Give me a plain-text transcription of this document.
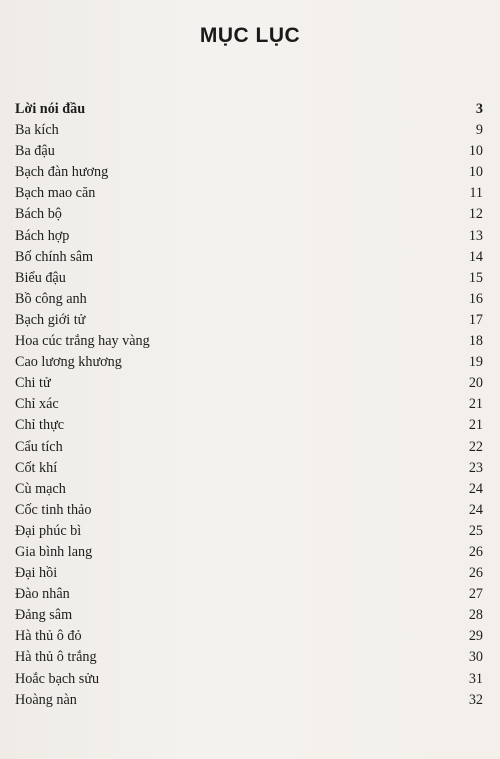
MỤC LỤC
Lời nói đầu	3
Ba kích	9
Ba đậu	10
Bạch đàn hương	10
Bạch mao căn	11
Bách bộ	12
Bách hợp	13
Bố chính sâm	14
Biểu đậu	15
Bồ công anh	16
Bạch giới tử	17
Hoa cúc trắng hay vàng	18
Cao lương khương	19
Chi tử	20
Chỉ xác	21
Chỉ thực	21
Cẩu tích	22
Cốt khí	23
Cù mạch	24
Cốc tinh thảo	24
Đại phúc bì	25
Gia bình lang	26
Đại hồi	26
Đào nhân	27
Đảng sâm	28
Hà thủ ô đỏ	29
Hà thủ ô trắng	30
Hoắc bạch sửu	31
Hoàng nàn	32
